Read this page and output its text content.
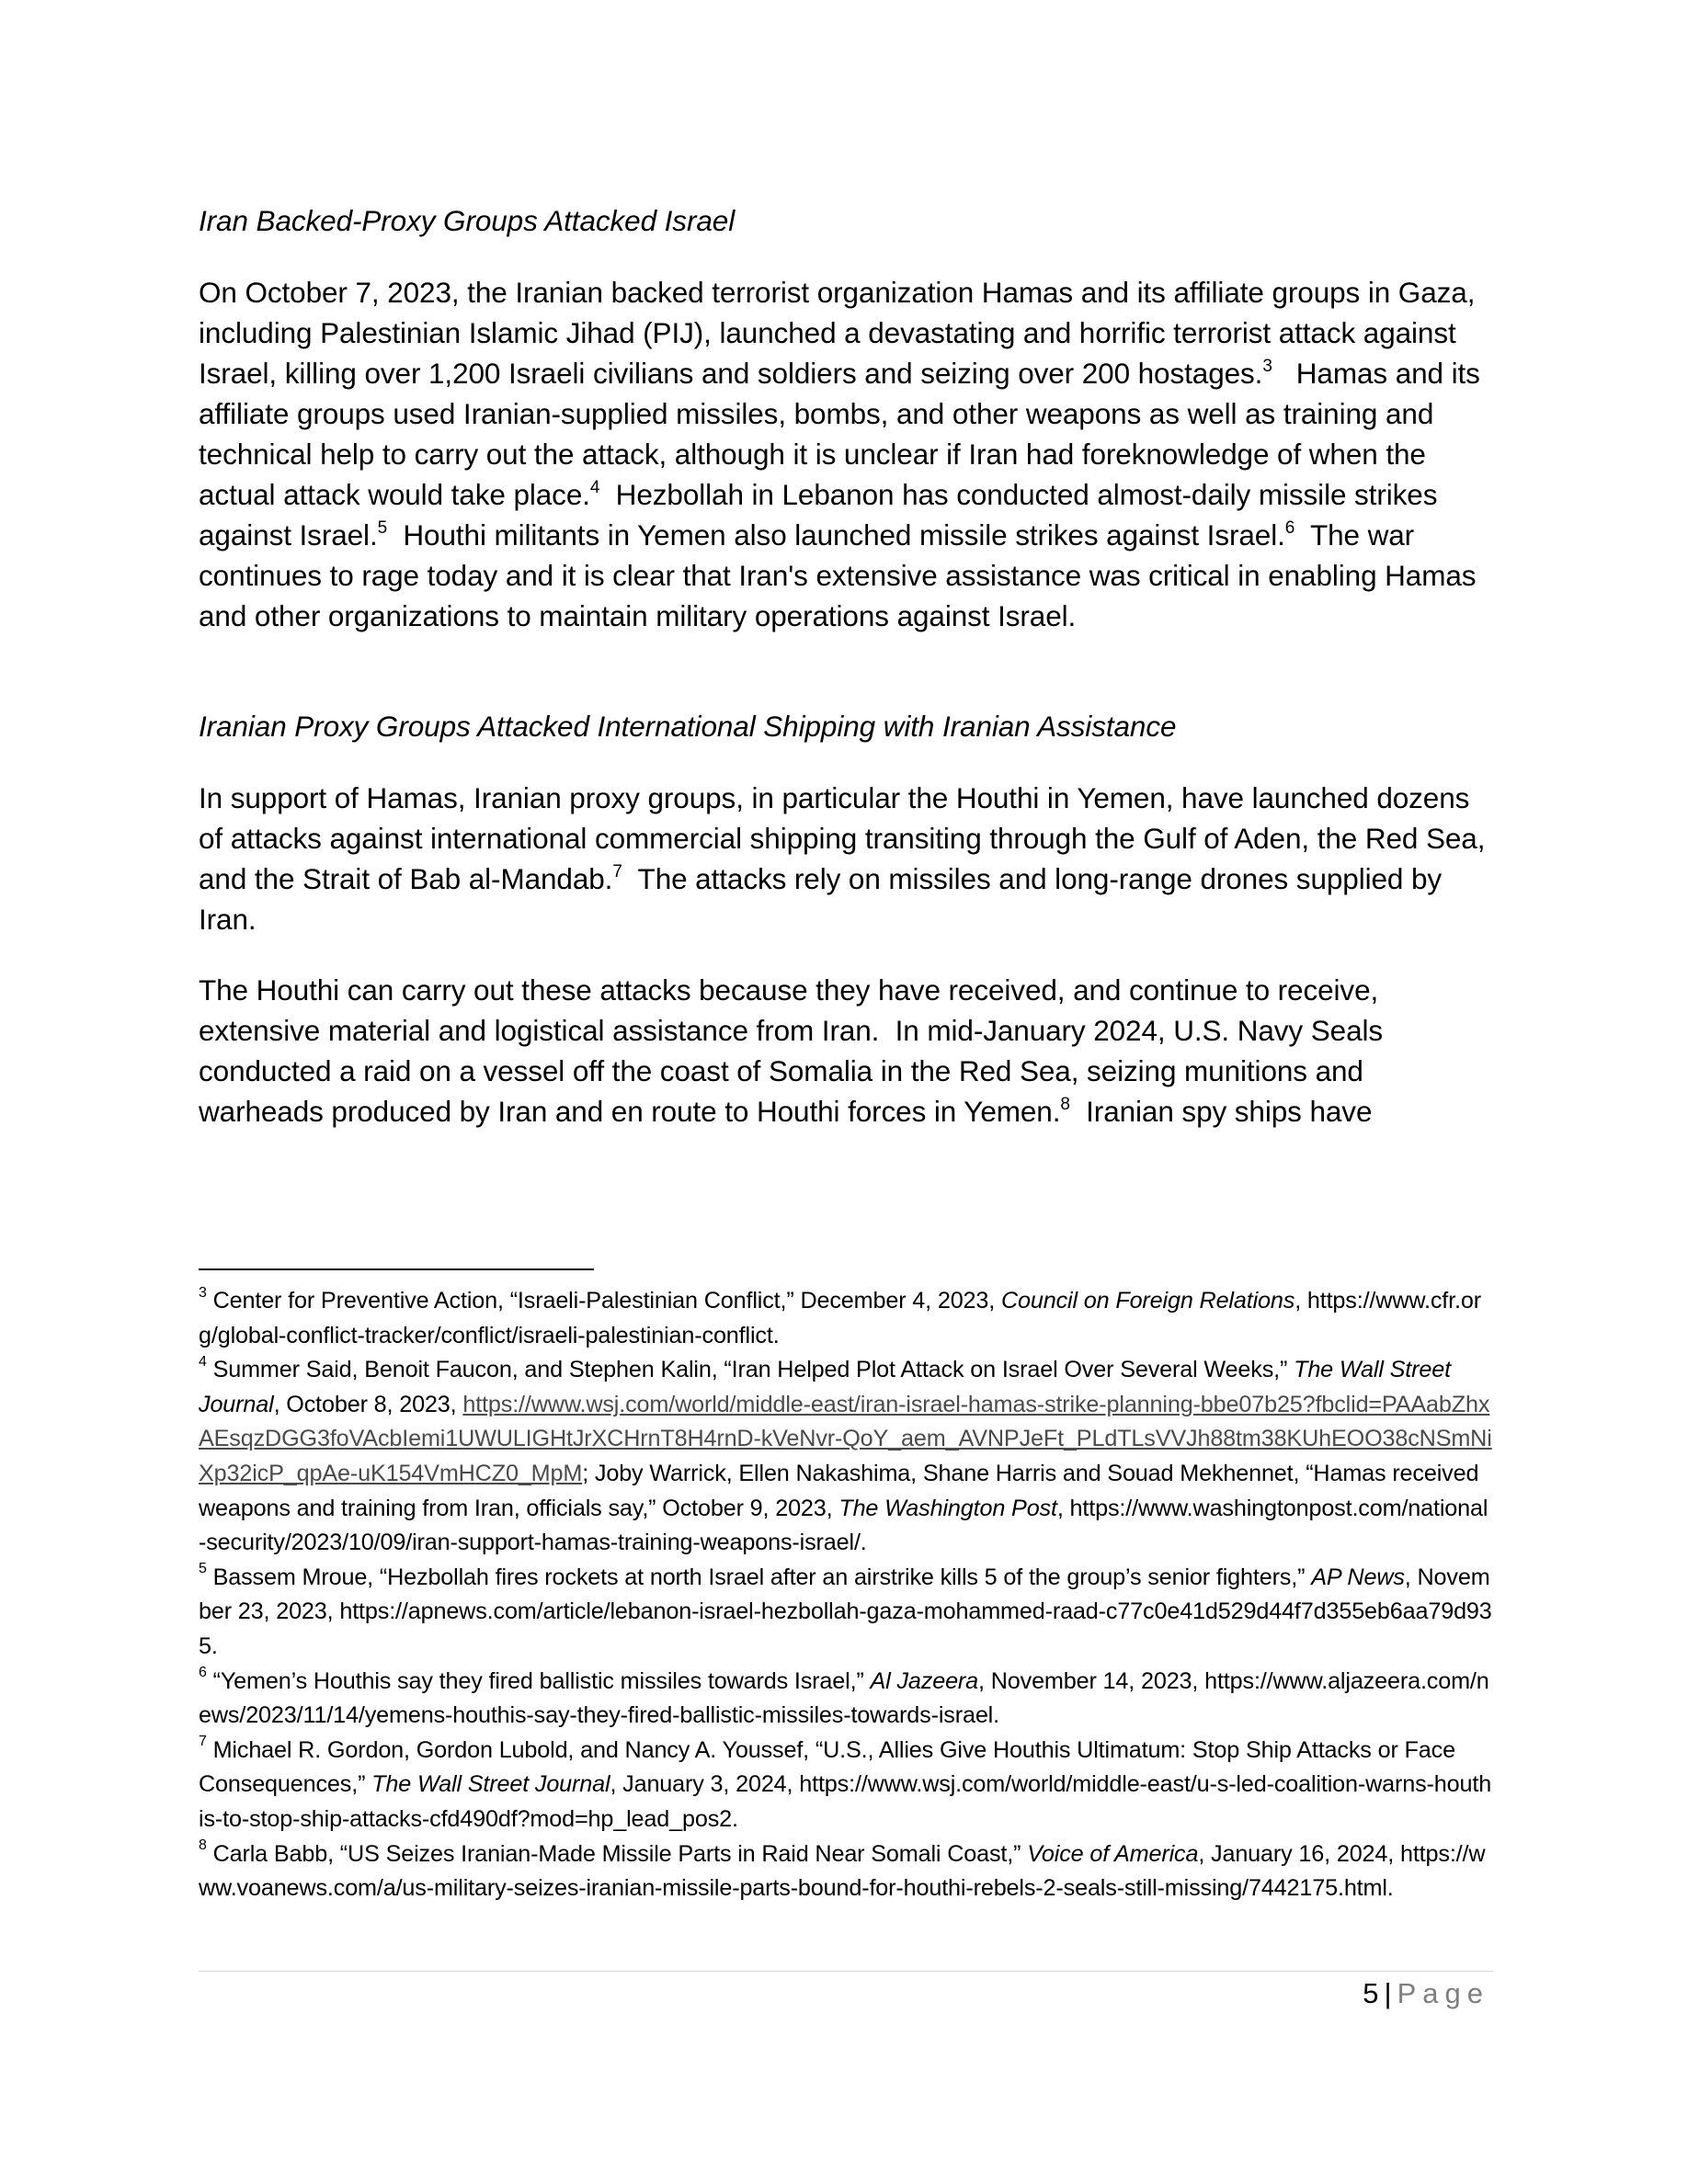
Iran Backed-Proxy Groups Attacked Israel
On October 7, 2023, the Iranian backed terrorist organization Hamas and its affiliate groups in Gaza, including Palestinian Islamic Jihad (PIJ), launched a devastating and horrific terrorist attack against Israel, killing over 1,200 Israeli civilians and soldiers and seizing over 200 hostages.$^3$   Hamas and its affiliate groups used Iranian-supplied missiles, bombs, and other weapons as well as training and technical help to carry out the attack, although it is unclear if Iran had foreknowledge of when the actual attack would take place.$^4$  Hezbollah in Lebanon has conducted almost-daily missile strikes against Israel.$^5$  Houthi militants in Yemen also launched missile strikes against Israel.$^6$  The war continues to rage today and it is clear that Iran's extensive assistance was critical in enabling Hamas and other organizations to maintain military operations against Israel.
Iranian Proxy Groups Attacked International Shipping with Iranian Assistance
In support of Hamas, Iranian proxy groups, in particular the Houthi in Yemen, have launched dozens of attacks against international commercial shipping transiting through the Gulf of Aden, the Red Sea, and the Strait of Bab al-Mandab.$^7$  The attacks rely on missiles and long-range drones supplied by Iran.
The Houthi can carry out these attacks because they have received, and continue to receive, extensive material and logistical assistance from Iran.  In mid-January 2024, U.S. Navy Seals conducted a raid on a vessel off the coast of Somalia in the Red Sea, seizing munitions and warheads produced by Iran and en route to Houthi forces in Yemen.$^8$  Iranian spy ships have

$^3$ Center for Preventive Action, “Israeli-Palestinian Conflict,” December 4, 2023, Council on Foreign Relations, https://www.cfr.org/global-conflict-tracker/conflict/israeli-palestinian-conflict.

$^4$ Summer Said, Benoit Faucon, and Stephen Kalin, “Iran Helped Plot Attack on Israel Over Several Weeks,” The Wall Street Journal, October 8, 2023, https://www.wsj.com/world/middle-east/iran-israel-hamas-strike-planning-bbe07b25?fbclid=PAAabZhxAEsqzDGG3foVAcbIemi1UWULIGHtJrXCHrnT8H4rnD-kVeNvr-QoY_aem_AVNPJeFt_PLdTLsVVJh88tm38KUhEOO38cNSmNiXp32icP_qpAe-uK154VmHCZ0_MpM; Joby Warrick, Ellen Nakashima, Shane Harris and Souad Mekhennet, “Hamas received weapons and training from Iran, officials say,” October 9, 2023, The Washington Post, https://www.washingtonpost.com/national-security/2023/10/09/iran-support-hamas-training-weapons-israel/.

$^5$ Bassem Mroue, “Hezbollah fires rockets at north Israel after an airstrike kills 5 of the group’s senior fighters,” AP News, November 23, 2023, https://apnews.com/article/lebanon-israel-hezbollah-gaza-mohammed-raad-c77c0e41d529d44f7d355eb6aa79d935.

$^6$ “Yemen’s Houthis say they fired ballistic missiles towards Israel,” Al Jazeera, November 14, 2023, https://www.aljazeera.com/news/2023/11/14/yemens-houthis-say-they-fired-ballistic-missiles-towards-israel.

$^7$ Michael R. Gordon, Gordon Lubold, and Nancy A. Youssef, “U.S., Allies Give Houthis Ultimatum: Stop Ship Attacks or Face Consequences,” The Wall Street Journal, January 3, 2024, https://www.wsj.com/world/middle-east/u-s-led-coalition-warns-houthis-to-stop-ship-attacks-cfd490df?mod=hp_lead_pos2.

$^8$ Carla Babb, “US Seizes Iranian-Made Missile Parts in Raid Near Somali Coast,” Voice of America, January 16, 2024, https://www.voanews.com/a/us-military-seizes-iranian-missile-parts-bound-for-houthi-rebels-2-seals-still-missing/7442175.html.

5 | Page
